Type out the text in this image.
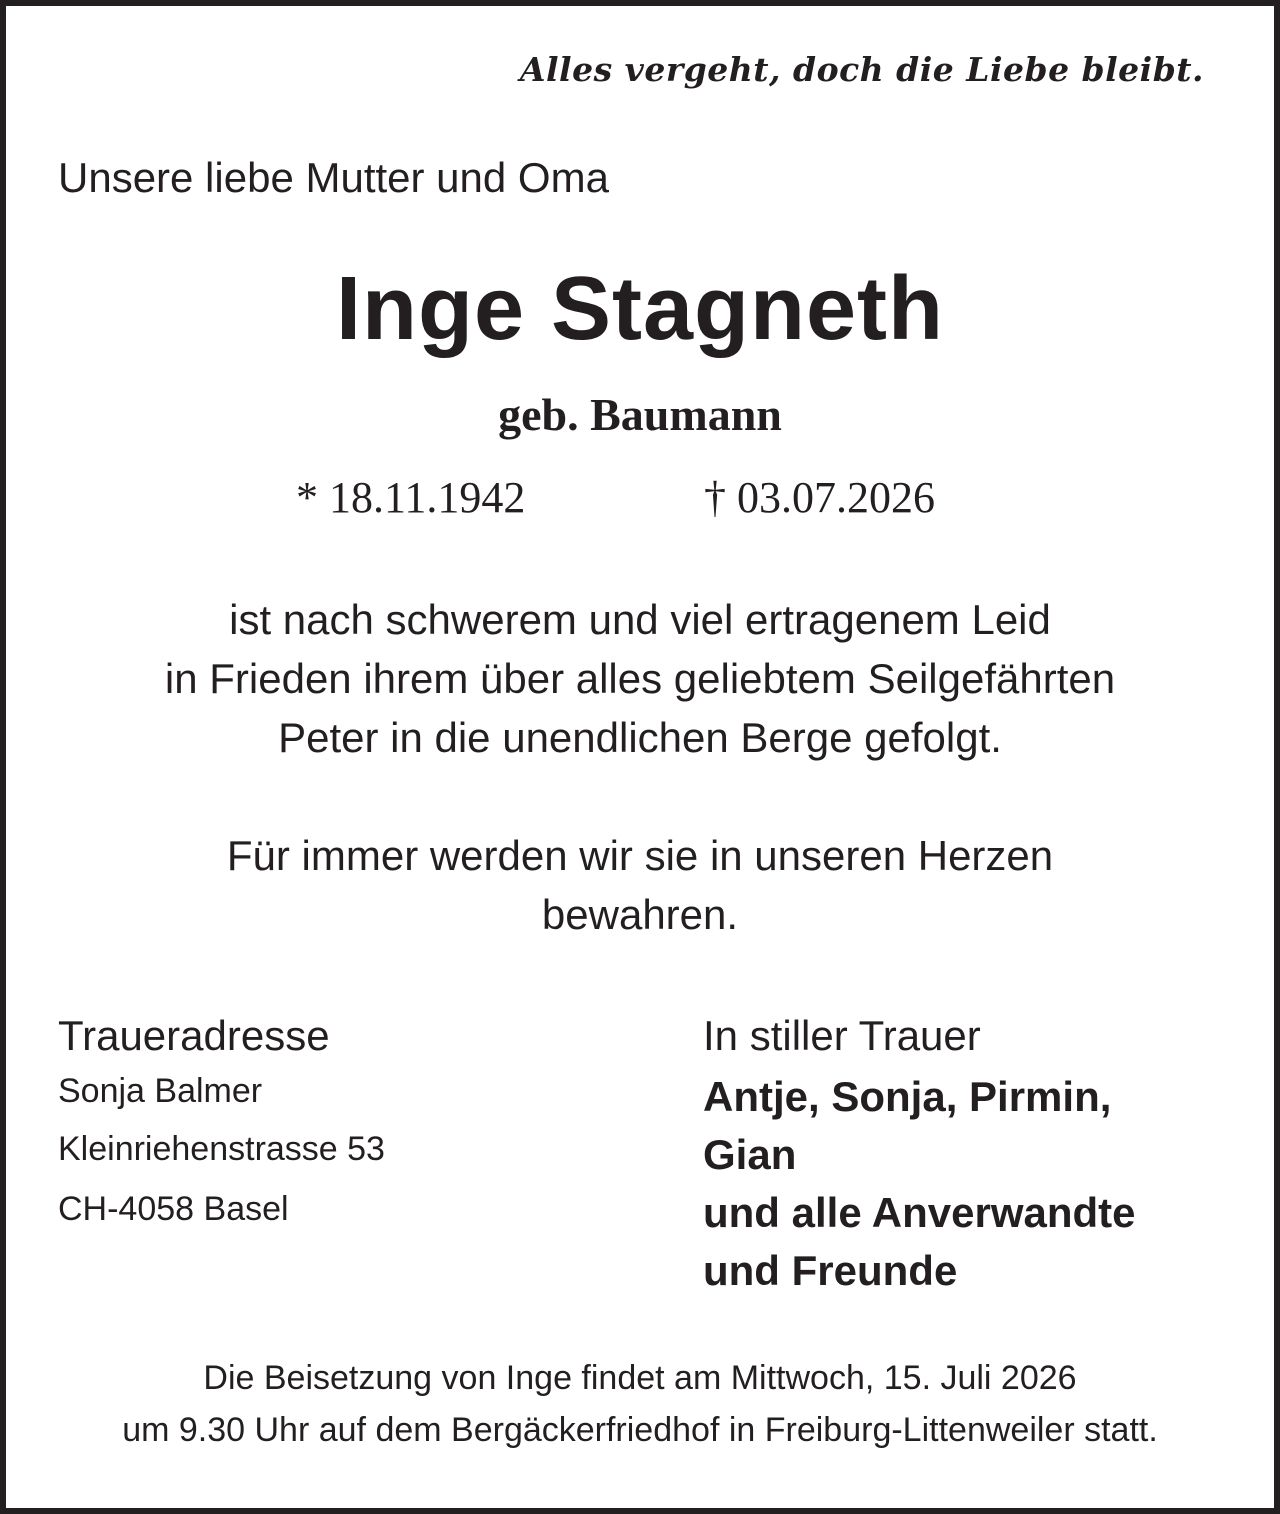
Alles vergeht, doch die Liebe bleibt.

Unsere liebe Mutter und Oma

Inge Stagneth

geb. Baumann

* 18.11.1942	† 03.07.2026

ist nach schwerem und viel ertragenem Leid
in Frieden ihrem über alles geliebtem Seilgefährten
Peter in die unendlichen Berge gefolgt.
Für immer werden wir sie in unseren Herzen
bewahren.

Traueradresse

Sonja Balmer

Kleinriehenstrasse 53

CH-4058 Basel

In stiller Trauer

Antje, Sonja, Pirmin,
Gian
und alle Anverwandte
und Freunde
Die Beisetzung von Inge findet am Mittwoch, 15. Juli 2026
um 9.30 Uhr auf dem Bergäckerfriedhof in Freiburg-Littenweiler statt.
